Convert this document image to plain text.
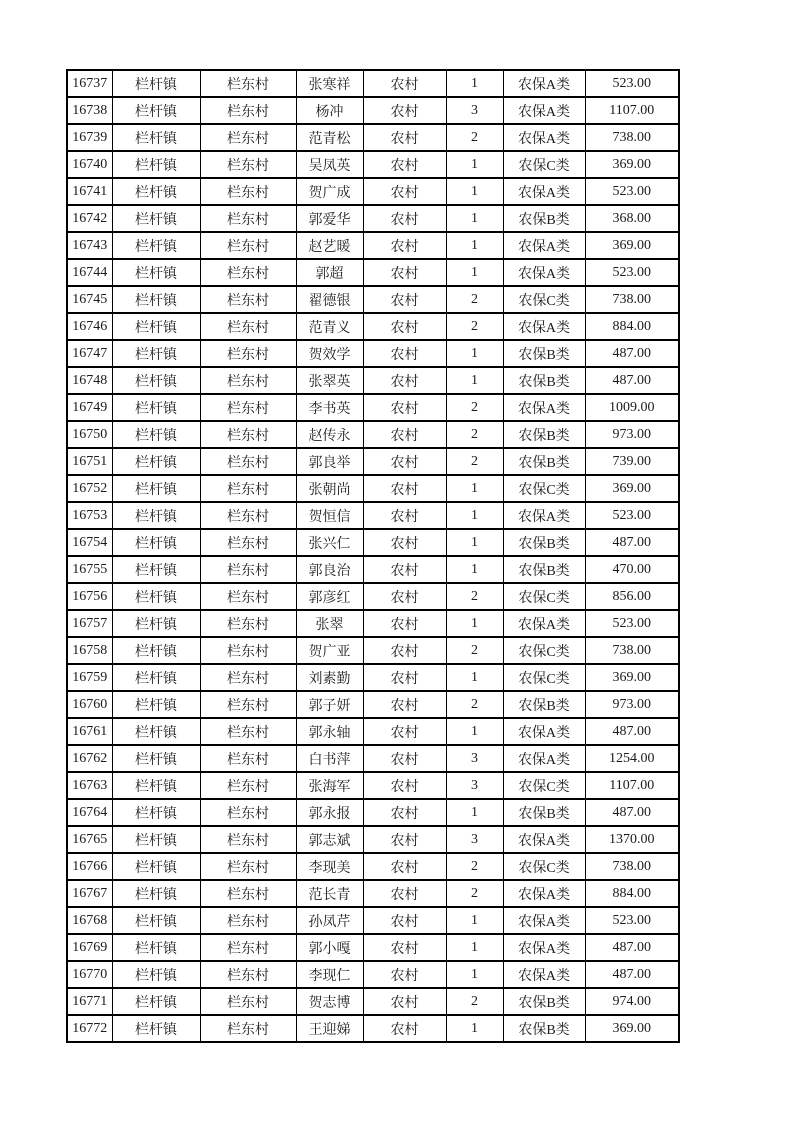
16737	栏杆镇	栏东村	张寒祥	农村	1	农保A类	523.00
16738	栏杆镇	栏东村	杨冲	农村	3	农保A类	1107.00
16739	栏杆镇	栏东村	范青松	农村	2	农保A类	738.00
16740	栏杆镇	栏东村	吴凤英	农村	1	农保C类	369.00
16741	栏杆镇	栏东村	贺广成	农村	1	农保A类	523.00
16742	栏杆镇	栏东村	郭爱华	农村	1	农保B类	368.00
16743	栏杆镇	栏东村	赵艺暖	农村	1	农保A类	369.00
16744	栏杆镇	栏东村	郭超	农村	1	农保A类	523.00
16745	栏杆镇	栏东村	翟德银	农村	2	农保C类	738.00
16746	栏杆镇	栏东村	范青义	农村	2	农保A类	884.00
16747	栏杆镇	栏东村	贺效学	农村	1	农保B类	487.00
16748	栏杆镇	栏东村	张翠英	农村	1	农保B类	487.00
16749	栏杆镇	栏东村	李书英	农村	2	农保A类	1009.00
16750	栏杆镇	栏东村	赵传永	农村	2	农保B类	973.00
16751	栏杆镇	栏东村	郭良举	农村	2	农保B类	739.00
16752	栏杆镇	栏东村	张朝尚	农村	1	农保C类	369.00
16753	栏杆镇	栏东村	贺恒信	农村	1	农保A类	523.00
16754	栏杆镇	栏东村	张兴仁	农村	1	农保B类	487.00
16755	栏杆镇	栏东村	郭良治	农村	1	农保B类	470.00
16756	栏杆镇	栏东村	郭彦红	农村	2	农保C类	856.00
16757	栏杆镇	栏东村	张翠	农村	1	农保A类	523.00
16758	栏杆镇	栏东村	贺广亚	农村	2	农保C类	738.00
16759	栏杆镇	栏东村	刘素勤	农村	1	农保C类	369.00
16760	栏杆镇	栏东村	郭子妍	农村	2	农保B类	973.00
16761	栏杆镇	栏东村	郭永轴	农村	1	农保A类	487.00
16762	栏杆镇	栏东村	白书萍	农村	3	农保A类	1254.00
16763	栏杆镇	栏东村	张海军	农村	3	农保C类	1107.00
16764	栏杆镇	栏东村	郭永报	农村	1	农保B类	487.00
16765	栏杆镇	栏东村	郭志斌	农村	3	农保A类	1370.00
16766	栏杆镇	栏东村	李现美	农村	2	农保C类	738.00
16767	栏杆镇	栏东村	范长青	农村	2	农保A类	884.00
16768	栏杆镇	栏东村	孙凤芹	农村	1	农保A类	523.00
16769	栏杆镇	栏东村	郭小嘎	农村	1	农保A类	487.00
16770	栏杆镇	栏东村	李现仁	农村	1	农保A类	487.00
16771	栏杆镇	栏东村	贺志博	农村	2	农保B类	974.00
16772	栏杆镇	栏东村	王迎娣	农村	1	农保B类	369.00
